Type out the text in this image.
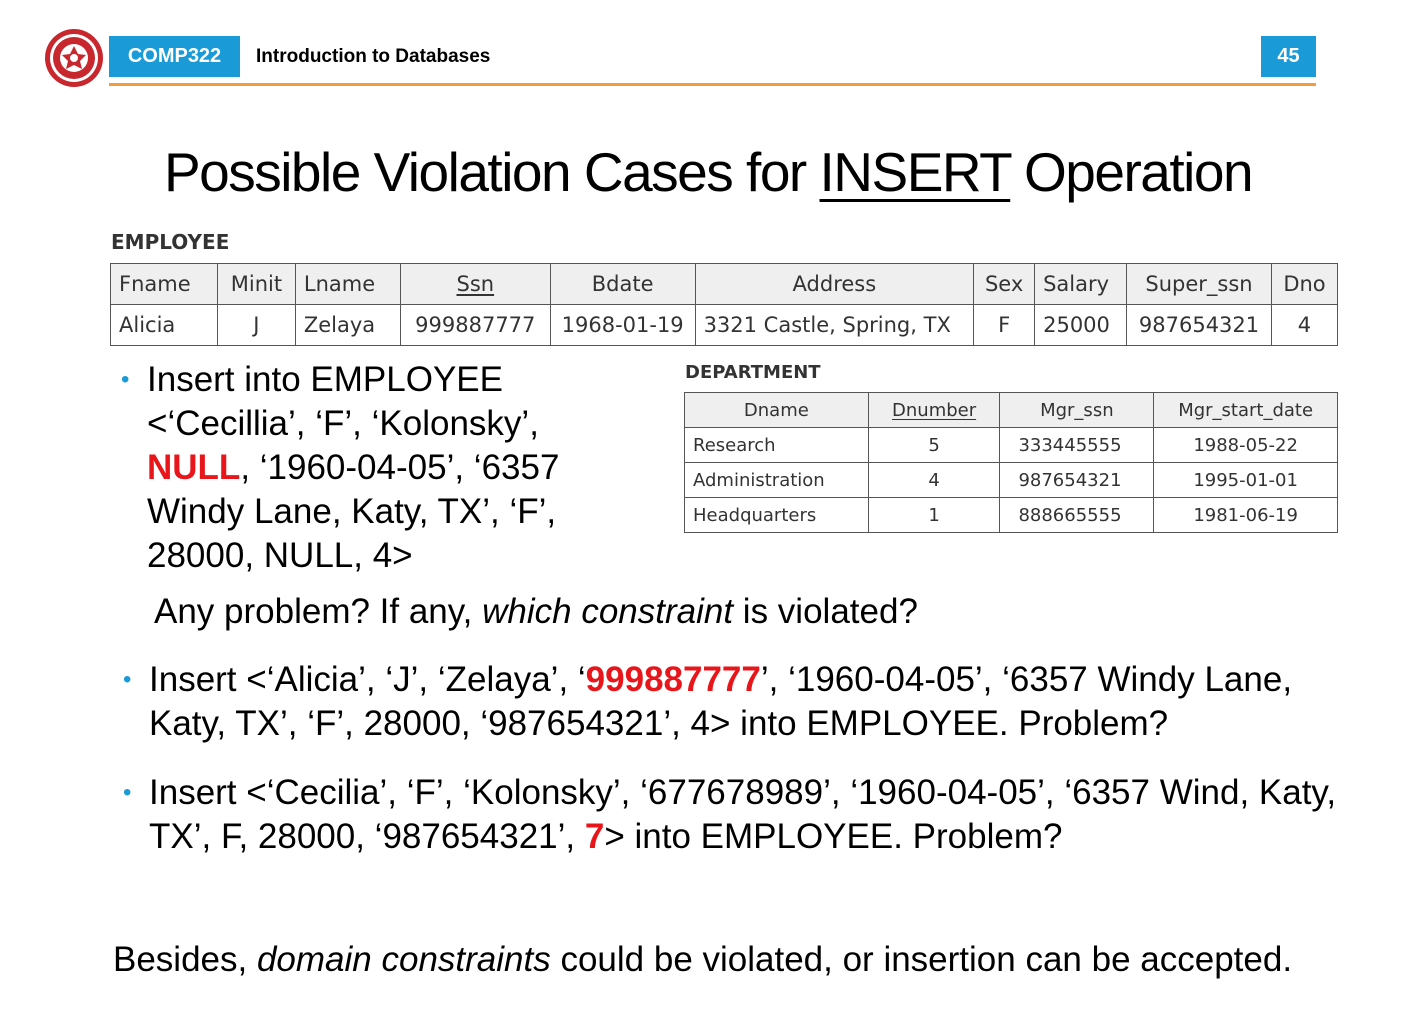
COMP322	Introduction to Databases	45
Possible Violation Cases for INSERT Operation
EMPLOYEE
Fname	Minit	Lname	Ssn	Bdate	Address	Sex	Salary	Super_ssn	Dno
Alicia	J	Zelaya	999887777	1968-01-19	3321 Castle, Spring, TX	F	25000	987654321	4
DEPARTMENT
Dname	Dnumber	Mgr_ssn	Mgr_start_date
Research	5	333445555	1988-05-22
Administration	4	987654321	1995-01-01
Headquarters	1	888665555	1981-06-19
• Insert into EMPLOYEE
<‘Cecillia’, ‘F’, ‘Kolonsky’,
NULL, ‘1960-04-05’, ‘6357
Windy Lane, Katy, TX’, ‘F’,
28000, NULL, 4>
Any problem? If any, which constraint is violated?
• Insert <‘Alicia’, ‘J’, ‘Zelaya’, ‘999887777’, ‘1960-04-05’, ‘6357 Windy Lane, Katy, TX’, ‘F’, 28000, ‘987654321’, 4> into EMPLOYEE. Problem?
• Insert <‘Cecilia’, ‘F’, ‘Kolonsky’, ‘677678989’, ‘1960-04-05’, ‘6357 Wind, Katy, TX’, F, 28000, ‘987654321’, 7> into EMPLOYEE. Problem?
Besides, domain constraints could be violated, or insertion can be accepted.
